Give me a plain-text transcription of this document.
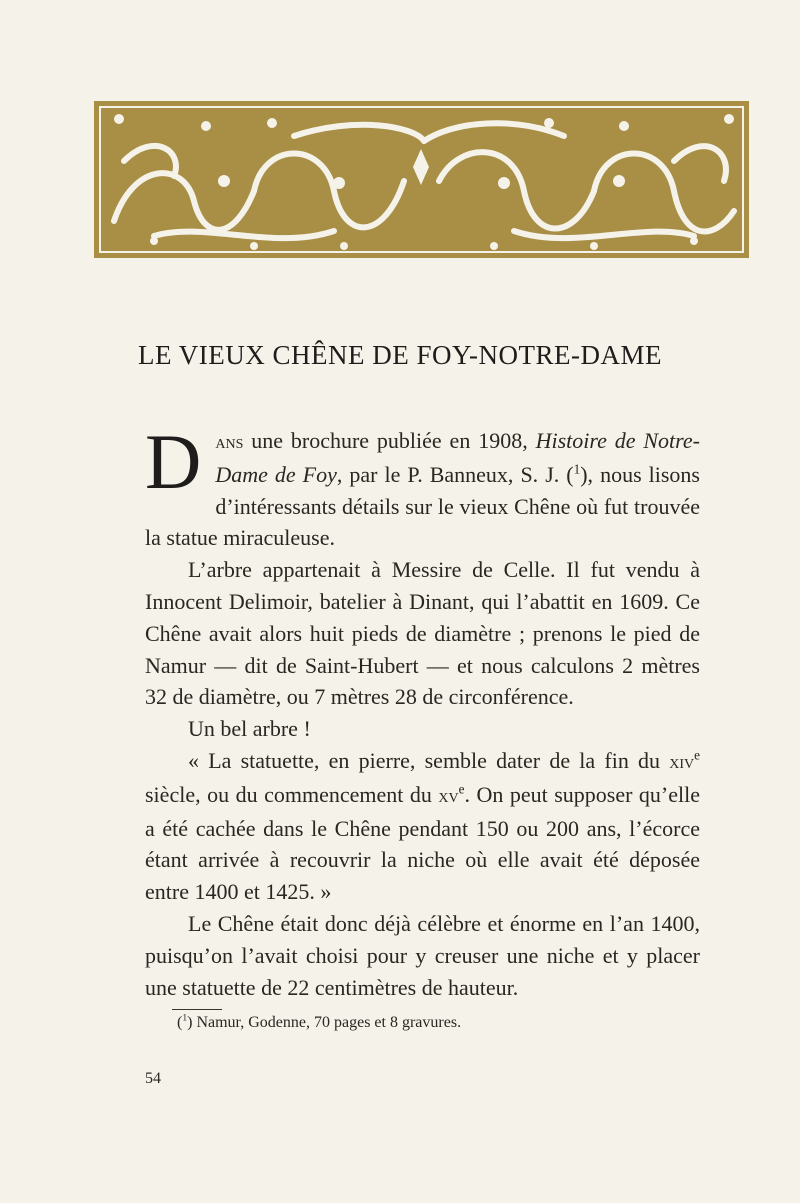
LE VIEUX CHÊNE DE FOY-NOTRE-DAME

Dans une brochure publiée en 1908, Histoire de Notre-Dame de Foy, par le P. Banneux, S. J. ($^1$), nous lisons d’intéressants détails sur le vieux Chêne où fut trouvée la statue miraculeuse.

L’arbre appartenait à Messire de Celle. Il fut vendu à Innocent Delimoir, batelier à Dinant, qui l’abattit en 1609. Ce Chêne avait alors huit pieds de diamètre ; prenons le pied de Namur — dit de Saint-Hubert — et nous calculons 2 mètres 32 de diamètre, ou 7 mètres 28 de circonférence.

Un bel arbre !

« La statuette, en pierre, semble dater de la fin du xiv$^e$ siècle, ou du commencement du $xv^e$. On peut supposer qu’elle a été cachée dans le Chêne pendant 150 ou 200 ans, l’écorce étant arrivée à recouvrir la niche où elle avait été déposée entre 1400 et 1425. »

Le Chêne était donc déjà célèbre et énorme en l’an 1400, puisqu’on l’avait choisi pour y creuser une niche et y placer une statuette de 22 centimètres de hauteur.

($^1$) Namur, Godenne, 70 pages et 8 gravures.
54
